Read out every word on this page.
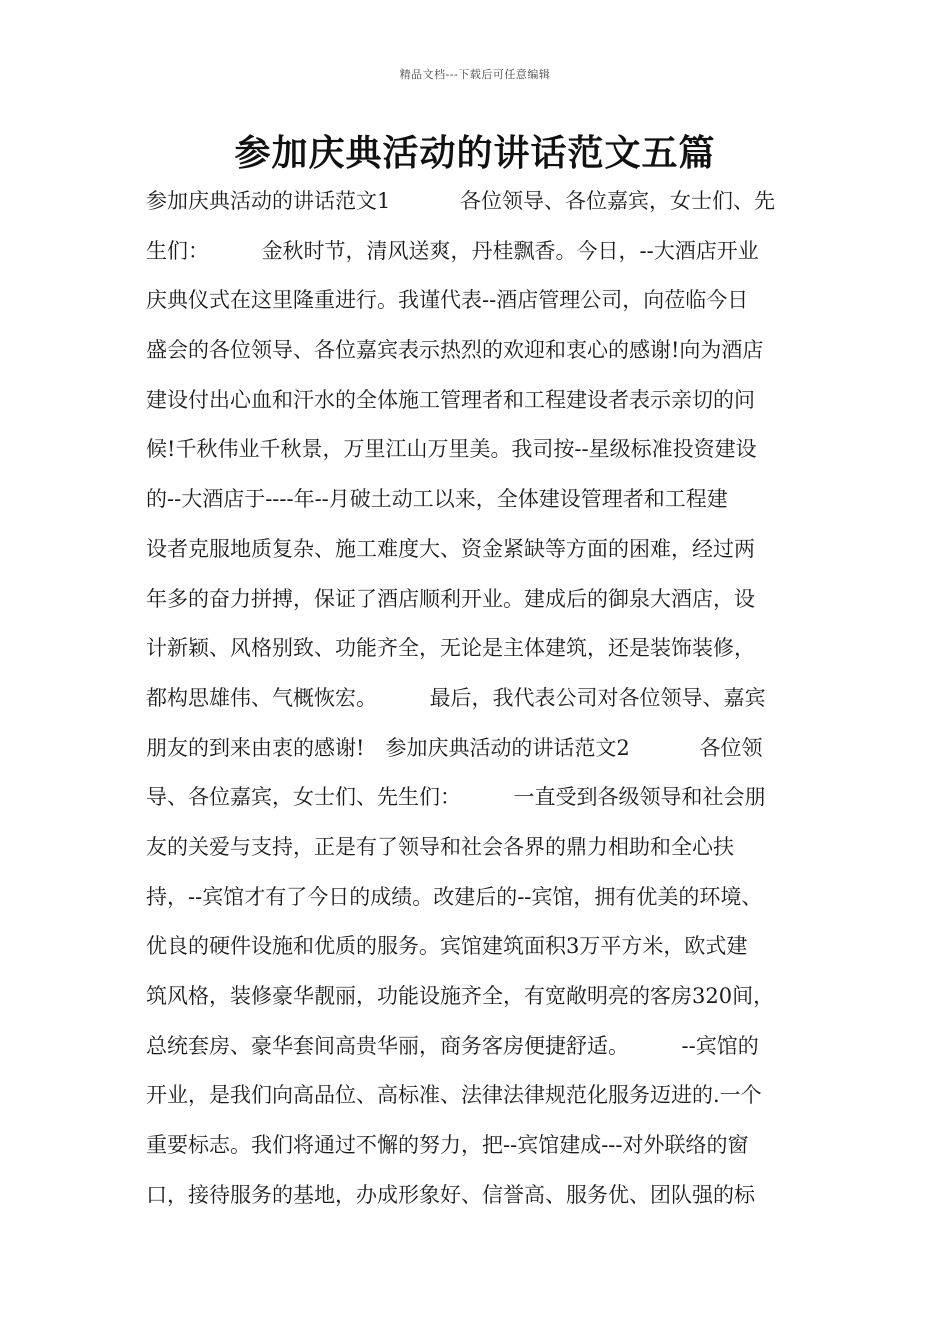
精品文档---下载后可任意编辑
参加庆典活动的讲话范文五篇
参加庆典活动的讲话范文1　　　 各位领导、各位嘉宾，女士们、先
生们：　　　金秋时节，清风送爽，丹桂飘香。今日，--大酒店开业
庆典仪式在这里隆重进行。我谨代表--酒店管理公司，向莅临今日
盛会的各位领导、各位嘉宾表示热烈的欢迎和衷心的感谢!向为酒店
建设付出心血和汗水的全体施工管理者和工程建设者表示亲切的问
候!千秋伟业千秋景，万里江山万里美。我司按--星级标准投资建设
的--大酒店于----年--月破土动工以来，全体建设管理者和工程建
设者克服地质复杂、施工难度大、资金紧缺等方面的困难，经过两
年多的奋力拼搏，保证了酒店顺利开业。建成后的御泉大酒店，设
计新颖、风格别致、功能齐全，无论是主体建筑，还是装饰装修，
都构思雄伟、气概恢宏。　　　最后，我代表公司对各位领导、嘉宾
朋友的到来由衷的感谢!　参加庆典活动的讲话范文2　　　 各位领
导、各位嘉宾，女士们、先生们：　　　一直受到各级领导和社会朋
友的关爱与支持，正是有了领导和社会各界的鼎力相助和全心扶
持，--宾馆才有了今日的成绩。改建后的--宾馆，拥有优美的环境、
优良的硬件设施和优质的服务。宾馆建筑面积3万平方米，欧式建
筑风格，装修豪华靓丽，功能设施齐全，有宽敞明亮的客房320间，
总统套房、豪华套间高贵华丽，商务客房便捷舒适。　　　--宾馆的
开业，是我们向高品位、高标准、法律法律规范化服务迈进的.一个
重要标志。我们将通过不懈的努力，把--宾馆建成---对外联络的窗
口，接待服务的基地，办成形象好、信誉高、服务优、团队强的标
